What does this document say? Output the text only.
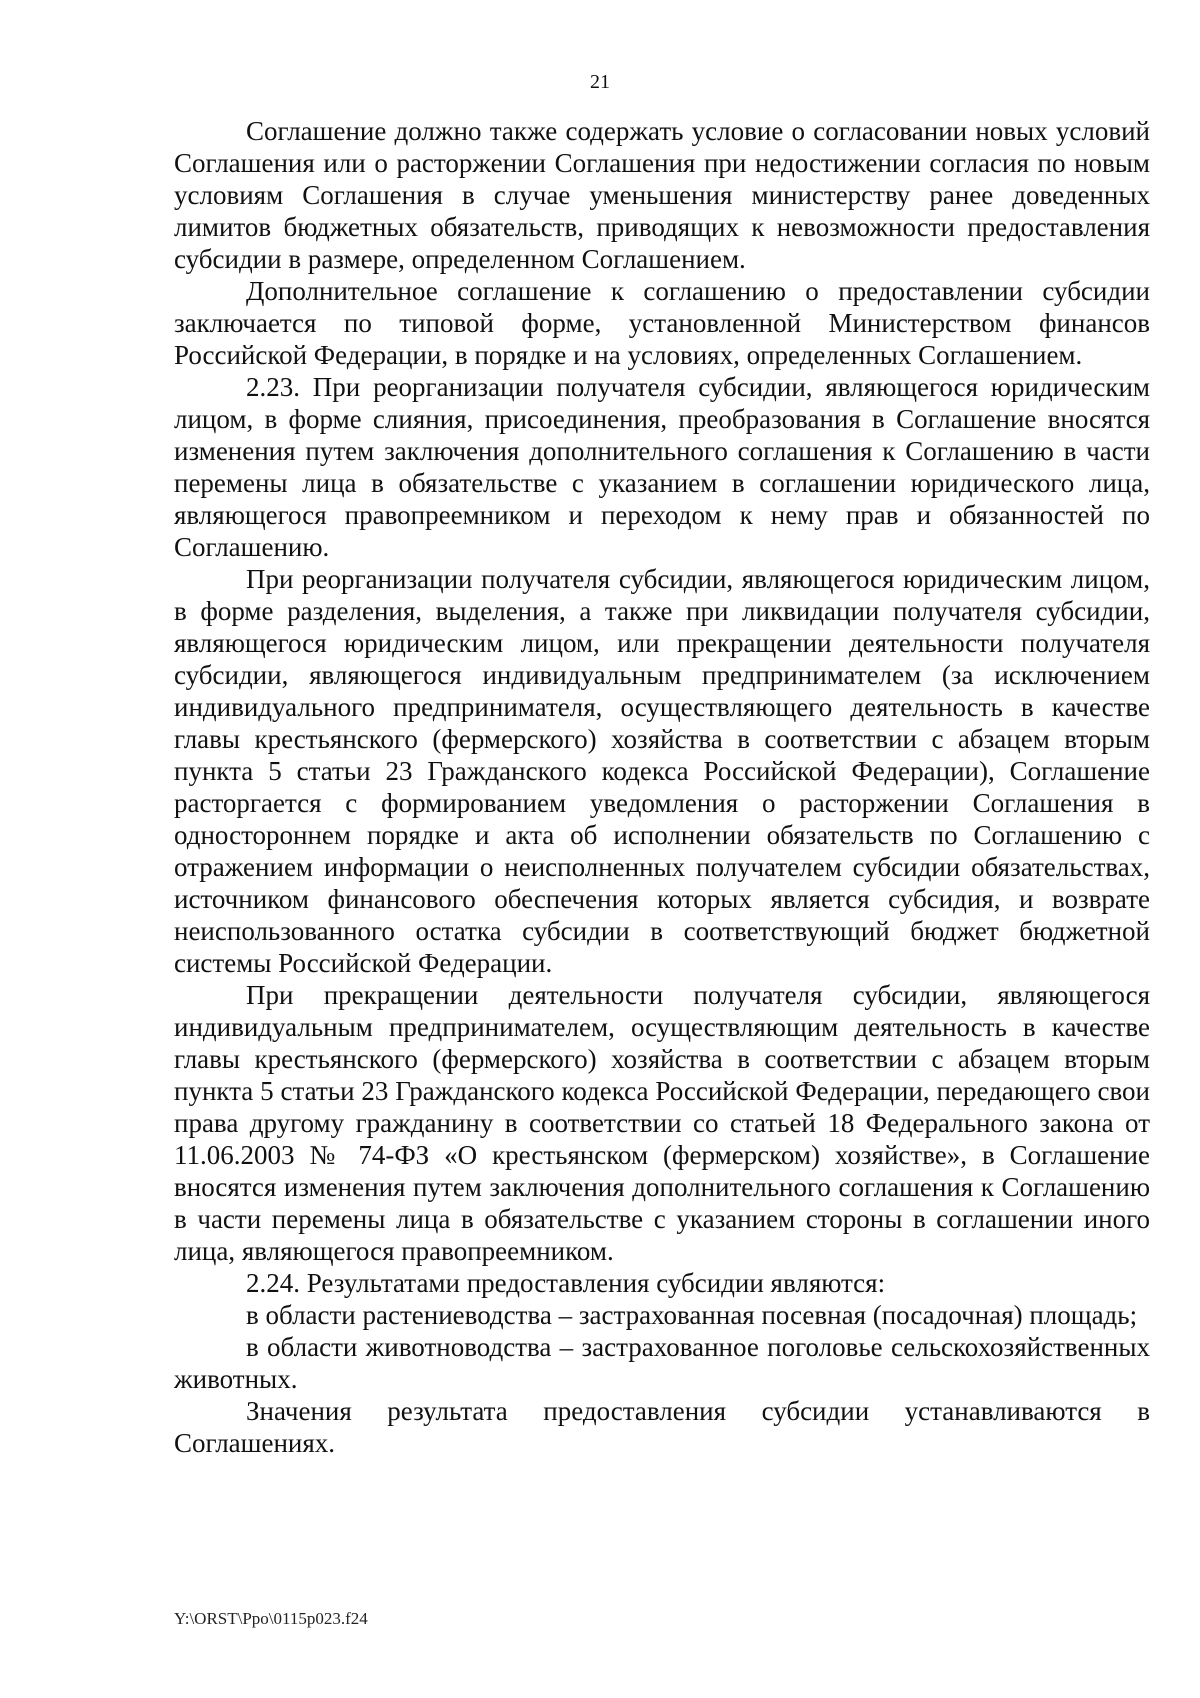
21

Соглашение должно также содержать условие о согласовании новых условий Соглашения или о расторжении Соглашения при недостижении согласия по новым условиям Соглашения в случае уменьшения министерству ранее доведенных лимитов бюджетных обязательств, приводящих к невозможности предоставления субсидии в размере, определенном Соглашением.

Дополнительное соглашение к соглашению о предоставлении субсидии заключается по типовой форме, установленной Министерством финансов Российской Федерации, в порядке и на условиях, определенных Соглашением.

2.23. При реорганизации получателя субсидии, являющегося юридическим лицом, в форме слияния, присоединения, преобразования в Соглашение вносятся изменения путем заключения дополнительного соглашения к Соглашению в части перемены лица в обязательстве с указанием в соглашении юридического лица, являющегося правопреемником и переходом к нему прав и обязанностей по Соглашению.

При реорганизации получателя субсидии, являющегося юридическим лицом, в форме разделения, выделения, а также при ликвидации получателя субсидии, являющегося юридическим лицом, или прекращении деятельности получателя субсидии, являющегося индивидуальным предпринимателем (за исключением индивидуального предпринимателя, осуществляющего деятельность в качестве главы крестьянского (фермерского) хозяйства в соответствии с абзацем вторым пункта 5 статьи 23 Гражданского кодекса Российской Федерации), Соглашение расторгается с формированием уведомления о расторжении Соглашения в одностороннем порядке и акта об исполнении обязательств по Соглашению с отражением информации о неисполненных получателем субсидии обязательствах, источником финансового обеспечения которых является субсидия, и возврате неиспользованного остатка субсидии в соответствующий бюджет бюджетной системы Российской Федерации.

При прекращении деятельности получателя субсидии, являющегося индивидуальным предпринимателем, осуществляющим деятельность в качестве главы крестьянского (фермерского) хозяйства в соответствии с абзацем вторым пункта 5 статьи 23 Гражданского кодекса Российской Федерации, передающего свои права другому гражданину в соответствии со статьей 18 Федерального закона от 11.06.2003 № 74-ФЗ «О крестьянском (фермерском) хозяйстве», в Соглашение вносятся изменения путем заключения дополнительного соглашения к Соглашению в части перемены лица в обязательстве с указанием стороны в соглашении иного лица, являющегося правопреемником.

2.24. Результатами предоставления субсидии являются:

в области растениеводства – застрахованная посевная (посадочная) площадь;

в области животноводства – застрахованное поголовье сельскохозяйственных животных.

Значения результата предоставления субсидии устанавливаются в Соглашениях.

Y:\ORST\Ppo\0115p023.f24
